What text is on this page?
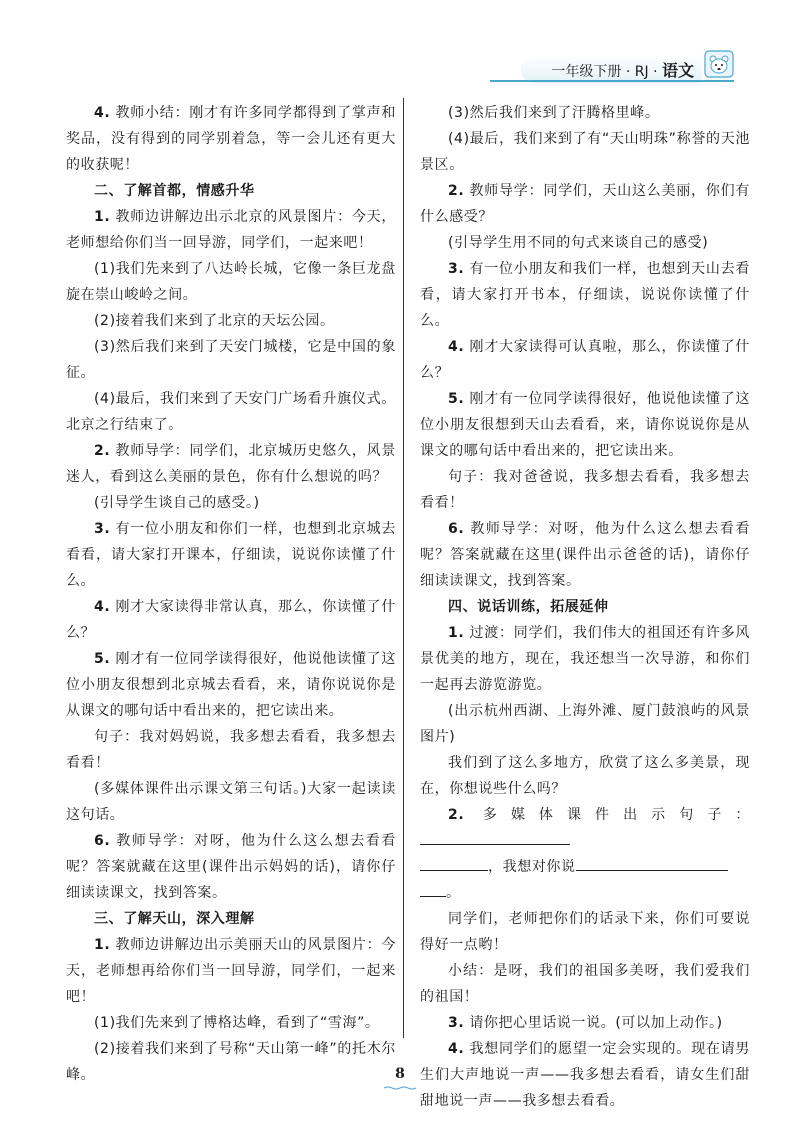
一年级下册 · RJ · 语文

4. 教师小结：刚才有许多同学都得到了掌声和奖品，没有得到的同学别着急，等一会儿还有更大的收获呢！

二、了解首都，情感升华

1. 教师边讲解边出示北京的风景图片：今天，老师想给你们当一回导游，同学们，一起来吧！

(1)我们先来到了八达岭长城，它像一条巨龙盘旋在崇山峻岭之间。

(2)接着我们来到了北京的天坛公园。

(3)然后我们来到了天安门城楼，它是中国的象征。

(4)最后，我们来到了天安门广场看升旗仪式。北京之行结束了。

2. 教师导学：同学们，北京城历史悠久，风景迷人，看到这么美丽的景色，你有什么想说的吗？

(引导学生谈自己的感受。)

3. 有一位小朋友和你们一样，也想到北京城去看看，请大家打开课本，仔细读，说说你读懂了什么。

4. 刚才大家读得非常认真，那么，你读懂了什么？

5. 刚才有一位同学读得很好，他说他读懂了这位小朋友很想到北京城去看看，来，请你说说你是从课文的哪句话中看出来的，把它读出来。

句子：我对妈妈说，我多想去看看，我多想去看看！

(多媒体课件出示课文第三句话。)大家一起读读这句话。

6. 教师导学：对呀，他为什么这么想去看看呢？答案就藏在这里(课件出示妈妈的话)，请你仔细读读课文，找到答案。

三、了解天山，深入理解

1. 教师边讲解边出示美丽天山的风景图片：今天，老师想再给你们当一回导游，同学们，一起来吧！

(1)我们先来到了博格达峰，看到了“雪海”。

(2)接着我们来到了号称“天山第一峰”的托木尔峰。

(3)然后我们来到了汗腾格里峰。

(4)最后，我们来到了有“天山明珠”称誉的天池景区。

2. 教师导学：同学们，天山这么美丽，你们有什么感受？

(引导学生用不同的句式来谈自己的感受)

3. 有一位小朋友和我们一样，也想到天山去看看，请大家打开书本，仔细读，说说你读懂了什么。

4. 刚才大家读得可认真啦，那么，你读懂了什么？

5. 刚才有一位同学读得很好，他说他读懂了这位小朋友很想到天山去看看，来，请你说说你是从课文的哪句话中看出来的，把它读出来。

句子：我对爸爸说，我多想去看看，我多想去看看！

6. 教师导学：对呀，他为什么这么想去看看呢？答案就藏在这里(课件出示爸爸的话)，请你仔细读读课文，找到答案。

四、说话训练，拓展延伸

1. 过渡：同学们，我们伟大的祖国还有许多风景优美的地方，现在，我还想当一次导游，和你们一起再去游览游览。

(出示杭州西湖、上海外滩、厦门鼓浪屿的风景图片)

我们到了这么多地方，欣赏了这么多美景，现在，你想说些什么吗？

2. 多媒体课件出示句子：

，我想对你说

。

同学们，老师把你们的话录下来，你们可要说得好一点哟！

小结：是呀，我们的祖国多美呀，我们爱我们的祖国！

3. 请你把心里话说一说。(可以加上动作。)

4. 我想同学们的愿望一定会实现的。现在请男生们大声地说一声——我多想去看看，请女生们甜甜地说一声——我多想去看看。

8
